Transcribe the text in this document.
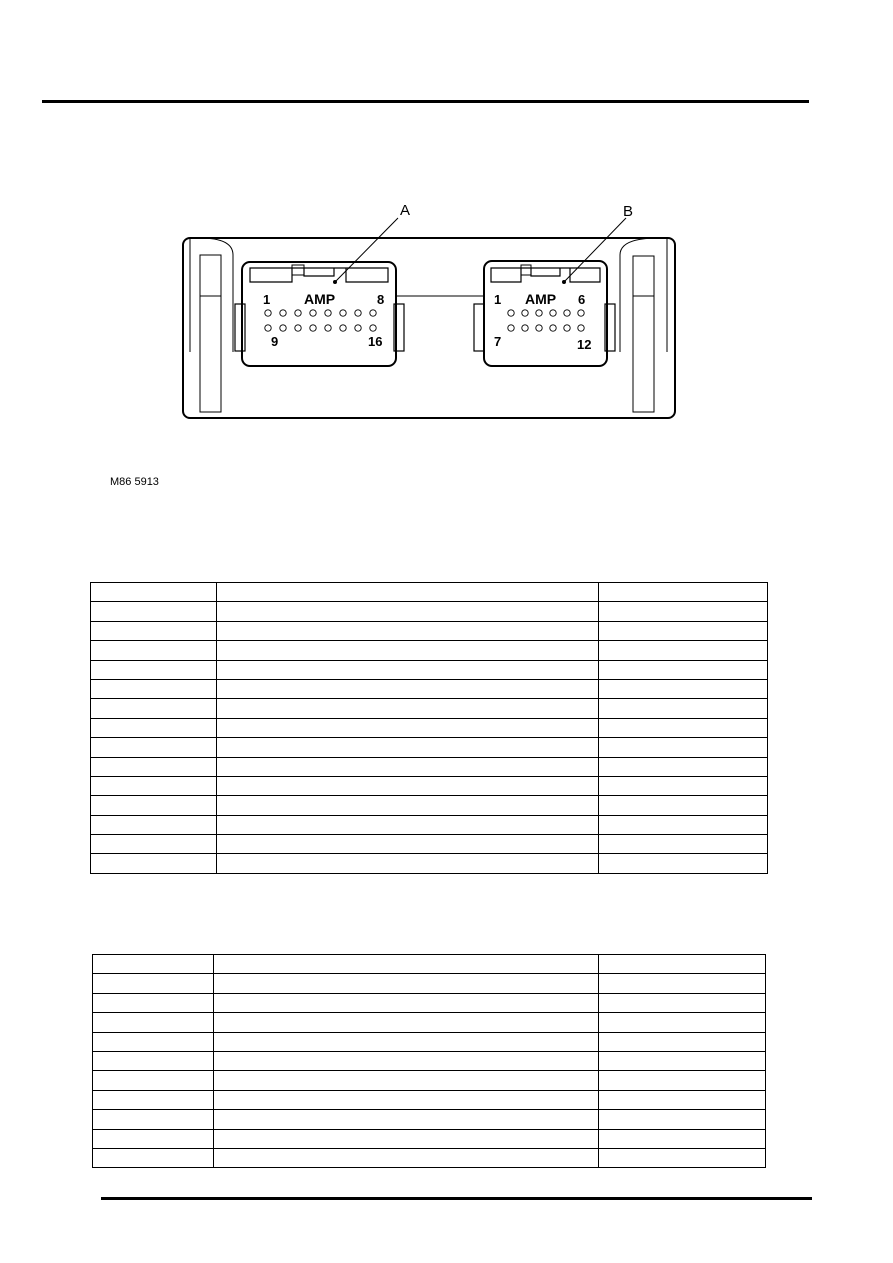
A
1 AMP	8
9	16
B
1 AMP 6
7	12
M86 5913
